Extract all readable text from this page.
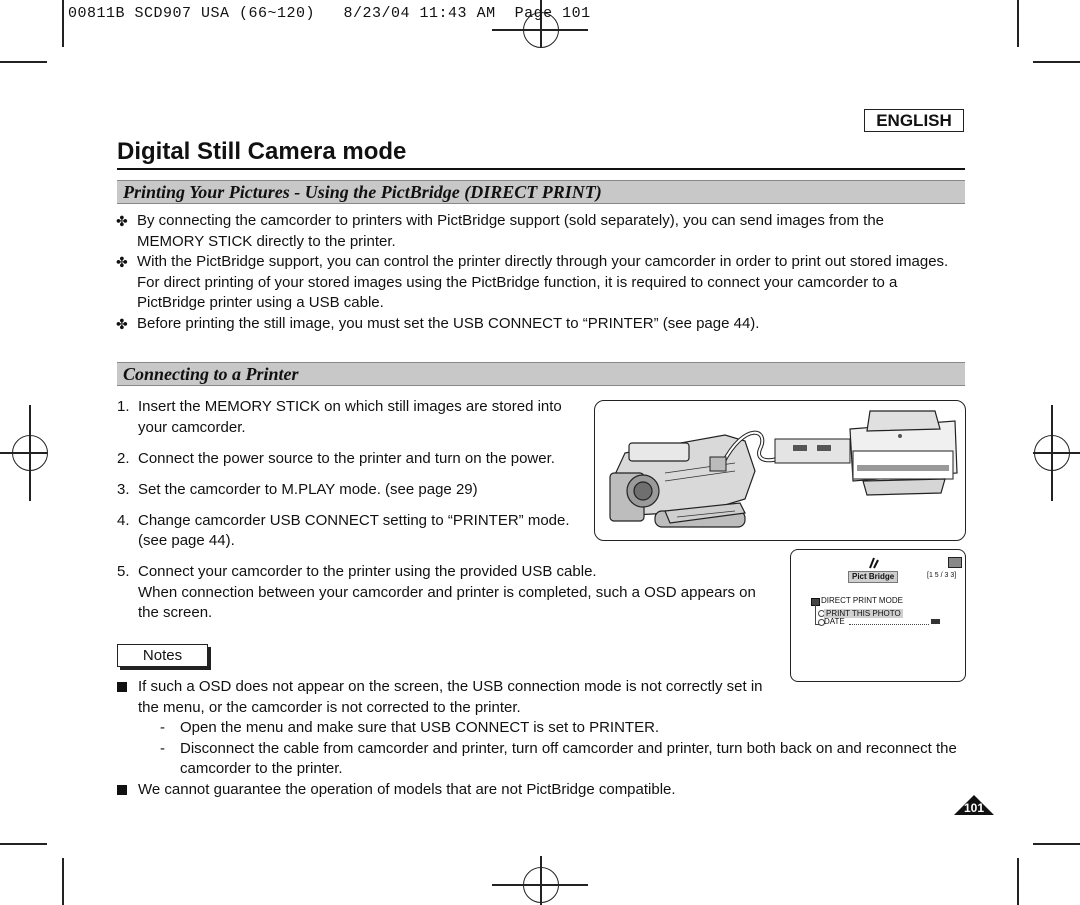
00811B SCD907 USA (66~120)   8/23/04 11:43 AM  Page 101
ENGLISH
Digital Still Camera mode
Printing Your Pictures - Using the PictBridge (DIRECT PRINT)
✤ By connecting the camcorder to printers with PictBridge support (sold separately), you can send images from the
MEMORY STICK directly to the printer.
✤ With the PictBridge support, you can control the printer directly through your camcorder in order to print out stored images.
For direct printing of your stored images using the PictBridge function, it is required to connect your camcorder to a
PictBridge printer using a USB cable.
✤ Before printing the still image, you must set the USB CONNECT to “PRINTER” (see page 44).
Connecting to a Printer
1. Insert the MEMORY STICK on which still images are stored into
your camcorder.
2. Connect the power source to the printer and turn on the power.
3. Set the camcorder to M.PLAY mode. (see page 29)
4. Change camcorder USB CONNECT setting to “PRINTER” mode.
(see page 44).
5. Connect your camcorder to the printer using the provided USB cable.
When connection between your camcorder and printer is completed, such a OSD appears on
the screen.
Pict Bridge	[1 5 / 3 3]
DIRECT PRINT MODE
PRINT THIS PHOTO
DATE
Notes
If such a OSD does not appear on the screen, the USB connection mode is not correctly set in
the menu, or the camcorder is not corrected to the printer.
- Open the menu and make sure that USB CONNECT is set to PRINTER.
- Disconnect the cable from camcorder and printer, turn off camcorder and printer, turn both back on and reconnect the
camcorder to the printer.
We cannot guarantee the operation of models that are not PictBridge compatible.
101
